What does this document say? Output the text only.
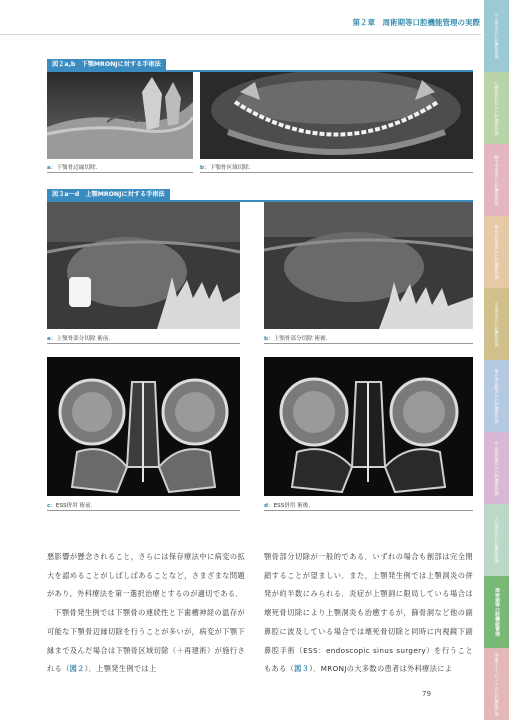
第２章　周術期等口腔機能管理の実際
図２a,b　下顎MRONJに対する手術法
a：下顎骨辺縁切除.	b：下顎骨区域切除.
図３a〜d　上顎MRONJに対する手術法
a：上顎骨部分切除 術前.	b：上顎骨部分切除 術後.
c：ESS併用 術前.	d：ESS併用 術後.

悪影響が懸念されること，さらには保存療法中に病変の拡大を認めることがしばしばあることなど，さまざまな問題があり，外科療法を第一選択治療とするのが適切である．

下顎骨発生例では下顎骨の連続性と下歯槽神経の温存が可能な下顎骨辺縁切除を行うことが多いが，病変が下顎下縁まで及んだ場合は下顎骨区域切除（＋再建術）が施行される（図２）．上顎発生例では上

顎骨部分切除が一般的である．いずれの場合も創部は完全閉鎖することが望ましい．また，上顎発生例では上顎洞炎の併発が約半数にみられる．炎症が上顎洞に限局している場合は壊死骨切除により上顎洞炎も治癒するが，篩骨洞など他の副鼻腔に波及している場合では壊死骨切除と同時に内視鏡下副鼻腔手術（ESS：endoscopic sinus surgery）を行うこともある（図３）．MRONJの大多数の患者は外科療法によ

79
がん患者の口腔機能管理
心臓血管外科の口腔機能管理
脳卒中患者の口腔機能管理
整形外科患者の口腔機能管理
小児患者の口腔機能管理
要介護高齢者の口腔機能管理
がん薬物療法の口腔機能管理
入院患者の口腔機能管理
周術期等口腔機能管理
関連するトピックの口腔機能管理
